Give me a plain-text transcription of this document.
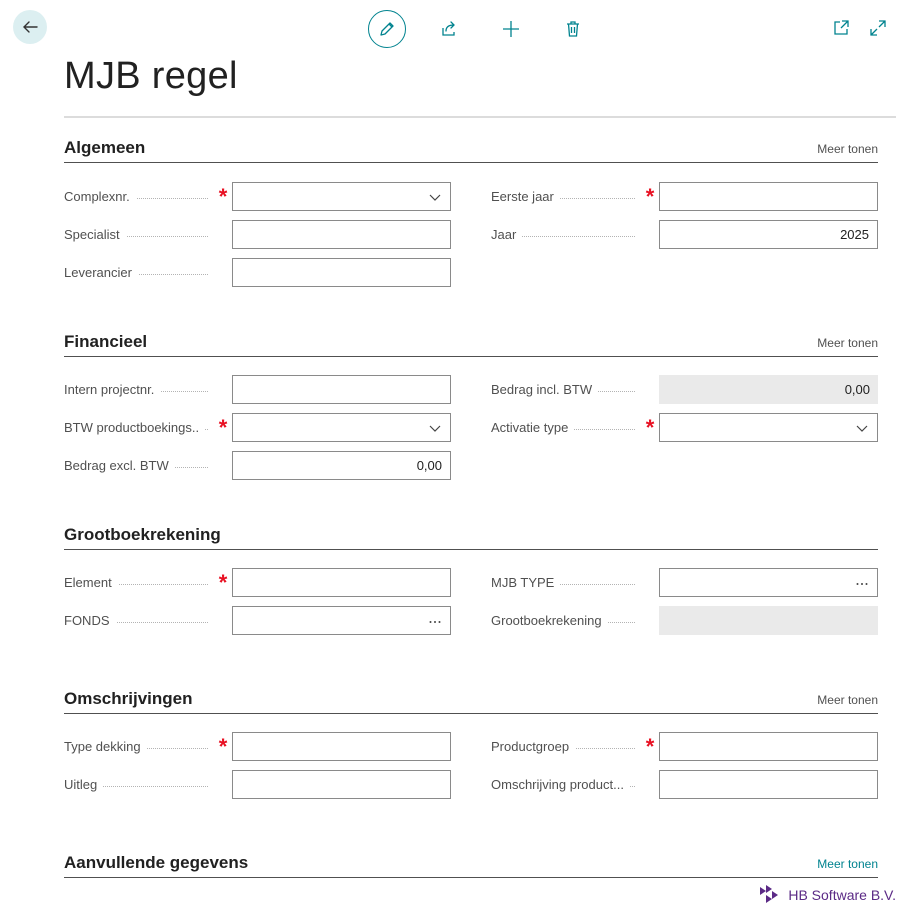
MJB regel
Algemeen	Meer tonen
Complexnr.	*
Specialist
Leverancier
Eerste jaar	*
Jaar	2025
Financieel	Meer tonen
Intern projectnr.
BTW productboekings.. *
Bedrag excl. BTW	0,00
Bedrag incl. BTW	0,00
Activatie type	*
Grootboekrekening
Element	*
FONDS
MJB TYPE
Grootboekrekening
Omschrijvingen	Meer tonen
Type dekking	*
Uitleg
Productgroep	*
Omschrijving product...
Aanvullende gegevens	Meer tonen
HB Software B.V.
